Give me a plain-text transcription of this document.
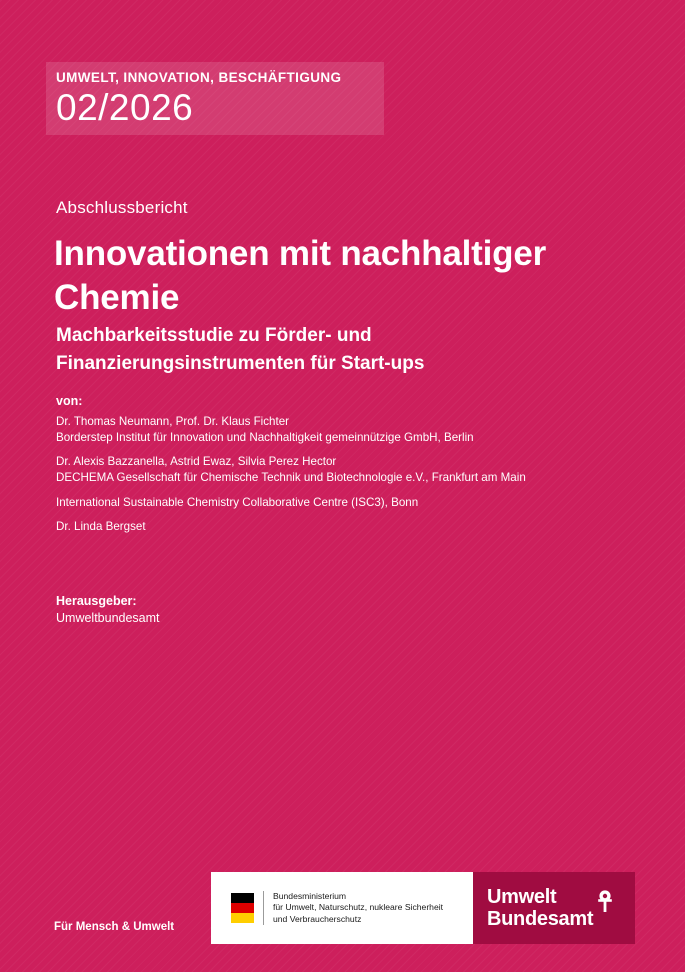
UMWELT, INNOVATION, BESCHÄFTIGUNG
02/2026
Abschlussbericht
Innovationen mit nachhaltiger Chemie
Machbarkeitsstudie zu Förder- und Finanzierungsinstrumenten für Start-ups
von:
Dr. Thomas Neumann, Prof. Dr. Klaus Fichter
Borderstep Institut für Innovation und Nachhaltigkeit gemeinnützige GmbH, Berlin
Dr. Alexis Bazzanella, Astrid Ewaz, Silvia Perez Hector
DECHEMA Gesellschaft für Chemische Technik und Biotechnologie e.V., Frankfurt am Main
International Sustainable Chemistry Collaborative Centre (ISC3), Bonn
Dr. Linda Bergset
Herausgeber:
Umweltbundesamt
Für Mensch & Umwelt
Bundesministerium
für Umwelt, Naturschutz, nukleare Sicherheit
und Verbraucherschutz
Umwelt
Bundesamt
